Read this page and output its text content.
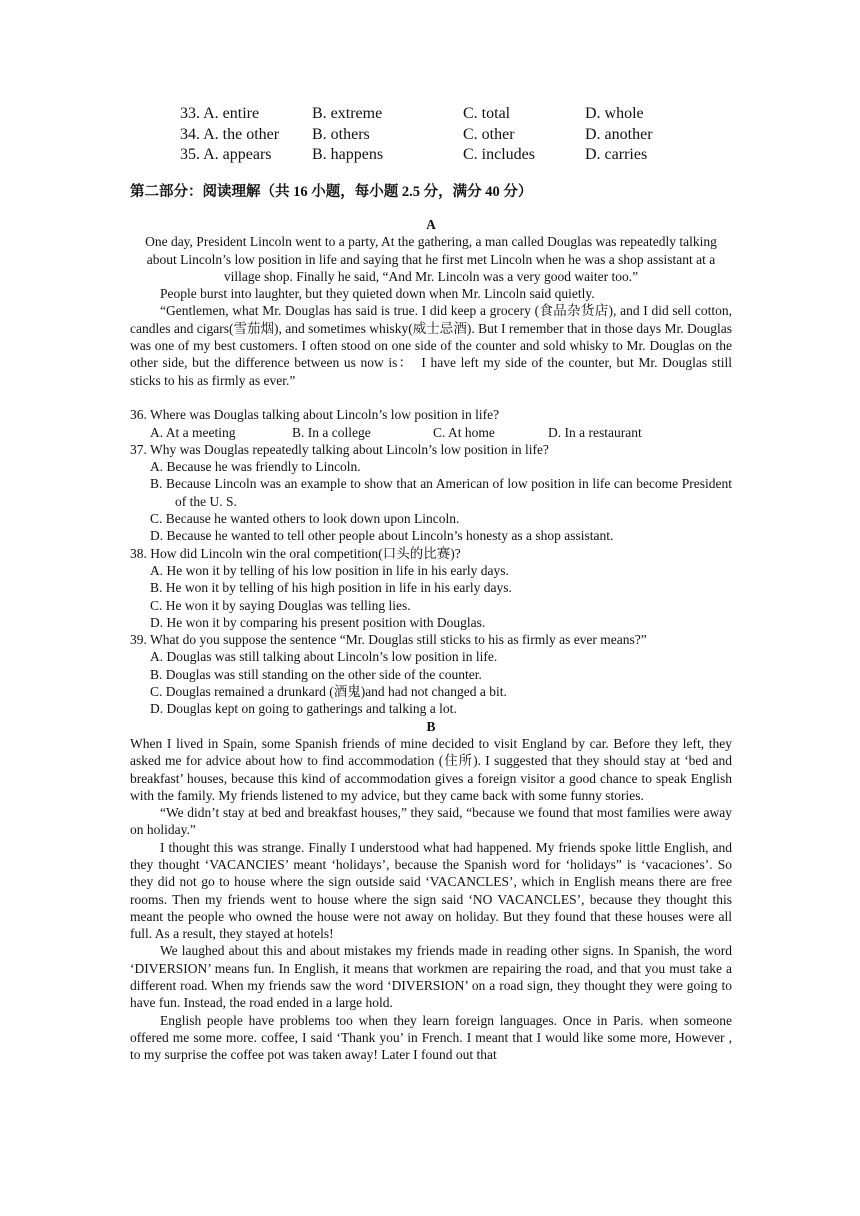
33. A. entire	B. extreme	C. total	D. whole
34. A. the other B. others	C. other	D. another
35. A. appears	B. happens	C. includes	D. carries
第二部分：阅读理解（共 16 小题，每小题 2.5 分，满分 40 分）

A

One day, President Lincoln went to a party, At the gathering, a man called Douglas was repeatedly talking about Lincoln’s low position in life and saying that he first met Lincoln when he was a shop assistant at a village shop. Finally he said, “And Mr. Lincoln was a very good waiter too.”

People burst into laughter, but they quieted down when Mr. Lincoln said quietly.

“Gentlemen, what Mr. Douglas has said is true. I did keep a grocery (食品杂货店), and I did sell cotton, candles and cigars(雪茄烟), and sometimes whisky(威士忌酒). But I remember that in those days Mr. Douglas was one of my best customers. I often stood on one side of the counter and sold whisky to Mr. Douglas on the other side, but the difference between us now is：　I have left my side of the counter, but Mr. Douglas still sticks to his as firmly as ever.”

36. Where was Douglas talking about Lincoln’s low position in life?

A. At a meeting	B. In a college	C. At home	D. In a restaurant

37. Why was Douglas repeatedly talking about Lincoln’s low position in life?

A. Because he was friendly to Lincoln.

B. Because Lincoln was an example to show that an American of low position in life can become President of the U. S.

C. Because he wanted others to look down upon Lincoln.

D. Because he wanted to tell other people about Lincoln’s honesty as a shop assistant.

38. How did Lincoln win the oral competition(口头的比赛)?

A. He won it by telling of his low position in life in his early days.

B. He won it by telling of his high position in life in his early days.

C. He won it by saying Douglas was telling lies.

D. He won it by comparing his present position with Douglas.

39. What do you suppose the sentence “Mr. Douglas still sticks to his as firmly as ever means?”

A. Douglas was still talking about Lincoln’s low position in life.

B. Douglas was still standing on the other side of the counter.

C. Douglas remained a drunkard (酒鬼)and had not changed a bit.

D. Douglas kept on going to gatherings and talking a lot.

B

When I lived in Spain, some Spanish friends of mine decided to visit England by car. Before they left, they asked me for advice about how to find accommodation (住所). I suggested that they should stay at ‘bed and breakfast’ houses, because this kind of accommodation gives a foreign visitor a good chance to speak English with the family. My friends listened to my advice, but they came back with some funny stories.

“We didn’t stay at bed and breakfast houses,” they said, “because we found that most families were away on holiday.”

I thought this was strange. Finally I understood what had happened. My friends spoke little English, and they thought ‘VACANCIES’ meant ‘holidays’, because the Spanish word for ‘holidays” is ‘vacaciones’. So they did not go to house where the sign outside said ‘VACANCLES’, which in English means there are free rooms. Then my friends went to house where the sign said ‘NO VACANCLES’, because they thought this meant the people who owned the house were not away on holiday. But they found that these houses were all full. As a result, they stayed at hotels!

We laughed about this and about mistakes my friends made in reading other signs. In Spanish, the word ‘DIVERSION’ means fun. In English, it means that workmen are repairing the road, and that you must take a different road. When my friends saw the word ‘DIVERSION’ on a road sign, they thought they were going to have fun. Instead, the road ended in a large hold.

English people have problems too when they learn foreign languages. Once in Paris. when someone offered me some more. coffee, I said ‘Thank you’ in French. I meant that I would like some more, However , to my surprise the coffee pot was taken away! Later I found out that
